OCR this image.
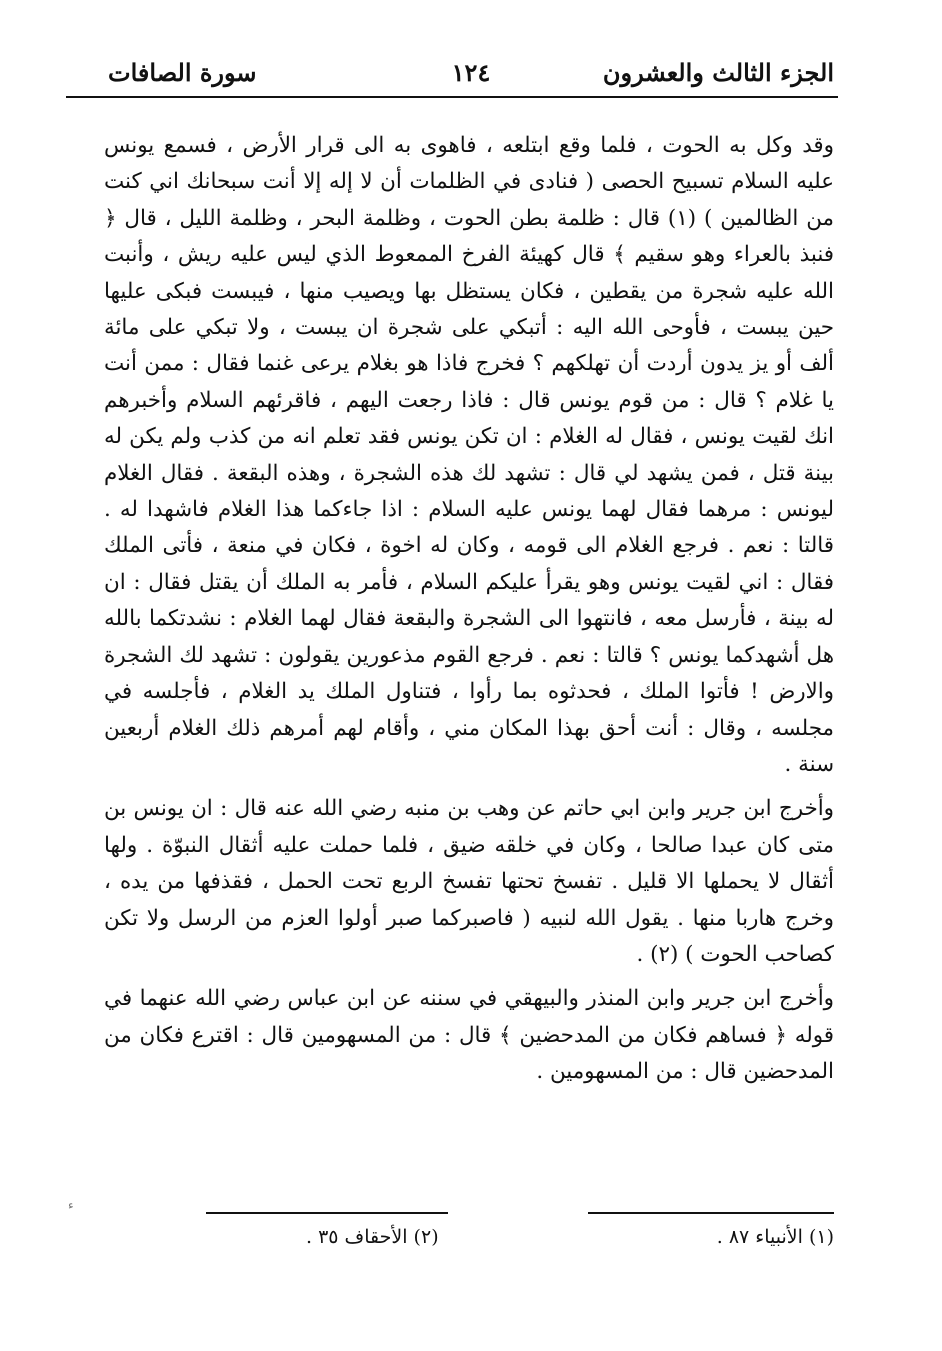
الجزء الثالث والعشرون
١٢٤
سورة الصافات

وقد وكل به الحوت ، فلما وقع ابتلعه ، فاهوى به الى قرار الأرض ، فسمع يونس عليه السلام تسبيح الحصى ( فنادى في الظلمات أن لا إله إلا أنت سبحانك اني كنت من الظالمين ) (١) قال : ظلمة بطن الحوت ، وظلمة البحر ، وظلمة الليل ، قال ﴿ فنبذ بالعراء وهو سقيم ﴾ قال كهيئة الفرخ الممعوط الذي ليس عليه ريش ، وأنبت الله عليه شجرة من يقطين ، فكان يستظل بها ويصيب منها ، فيبست فبكى عليها حين يبست ، فأوحى الله اليه : أتبكي على شجرة ان يبست ، ولا تبكي على مائة ألف أو يز يدون أردت أن تهلكهم ؟ فخرج فاذا هو بغلام يرعى غنما فقال : ممن أنت يا غلام ؟ قال : من قوم يونس قال : فاذا رجعت اليهم ، فاقرئهم السلام وأخبرهم انك لقيت يونس ، فقال له الغلام : ان تكن يونس فقد تعلم انه من كذب ولم يكن له بينة قتل ، فمن يشهد لي قال : تشهد لك هذه الشجرة ، وهذه البقعة . فقال الغلام ليونس : مرهما فقال لهما يونس عليه السلام : اذا جاءكما هذا الغلام فاشهدا له . قالتا : نعم . فرجع الغلام الى قومه ، وكان له اخوة ، فكان في منعة ، فأتى الملك فقال : اني لقيت يونس وهو يقرأ عليكم السلام ، فأمر به الملك أن يقتل فقال : ان له بينة ، فأرسل معه ، فانتهوا الى الشجرة والبقعة فقال لهما الغلام : نشدتكما بالله هل أشهدكما يونس ؟ قالتا : نعم . فرجع القوم مذعورين يقولون : تشهد لك الشجرة والارض ! فأتوا الملك ، فحدثوه بما رأوا ، فتناول الملك يد الغلام ، فأجلسه في مجلسه ، وقال : أنت أحق بهذا المكان مني ، وأقام لهم أمرهم ذلك الغلام أربعين سنة .

وأخرج ابن جرير وابن ابي حاتم عن وهب بن منبه رضي الله عنه قال : ان يونس بن متى كان عبدا صالحا ، وكان في خلقه ضيق ، فلما حملت عليه أثقال النبوّة . ولها أثقال لا يحملها الا قليل . تفسخ تحتها تفسخ الربع تحت الحمل ، فقذفها من يده ، وخرج هاربا منها . يقول الله لنبيه ( فاصبركما صبر أولوا العزم من الرسل ولا تكن كصاحب الحوت ) (٢) .

وأخرج ابن جرير وابن المنذر والبيهقي في سننه عن ابن عباس رضي الله عنهما في قوله ﴿ فساهم فكان من المدحضين ﴾ قال : من المسهومين قال : اقترع فكان من المدحضين قال : من المسهومين .

ء
(١) الأنبياء ٨٧ .
(٢) الأحقاف ٣٥ .
